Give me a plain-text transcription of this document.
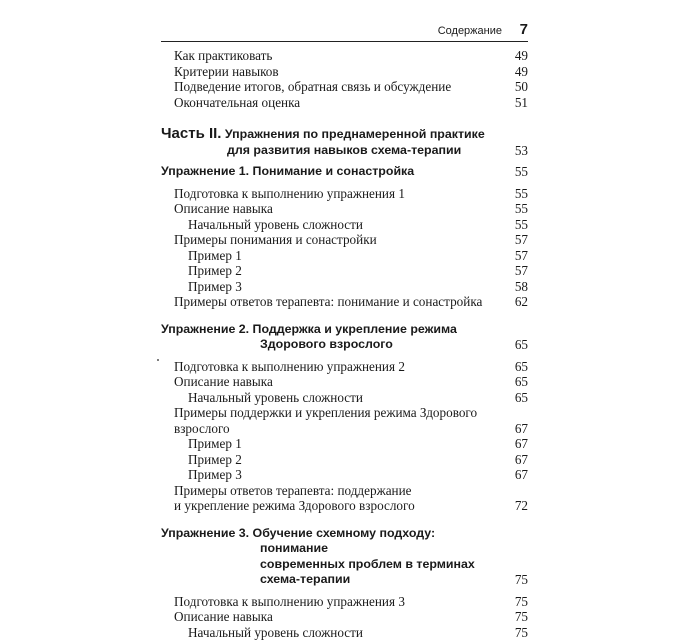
Содержание 7
Как практиковать	49
Критерии навыков	49
Подведение итогов, обратная связь и обсуждение	50
Окончательная оценка	51
Часть II. Упражнения по преднамеренной практике
для развития навыков схема-терапии	53
Упражнение 1. Понимание и сонастройка	55
Подготовка к выполнению упражнения 1	55
Описание навыка	55
Начальный уровень сложности	55
Примеры понимания и сонастройки	57
Пример 1	57
Пример 2	57
Пример 3	58
Примеры ответов терапевта: понимание и сонастройка	62
Упражнение 2. Поддержка и укрепление режима
Здорового взрослого	65
Подготовка к выполнению упражнения 2	65
Описание навыка	65
Начальный уровень сложности	65
Примеры поддержки и укрепления режима Здорового
взрослого	67
Пример 1	67
Пример 2	67
Пример 3	67
Примеры ответов терапевта: поддержание
и укрепление режима Здорового взрослого	72
Упражнение 3. Обучение схемному подходу: понимание
современных проблем в терминах
схема-терапии	75
Подготовка к выполнению упражнения 3	75
Описание навыка	75
Начальный уровень сложности	75
